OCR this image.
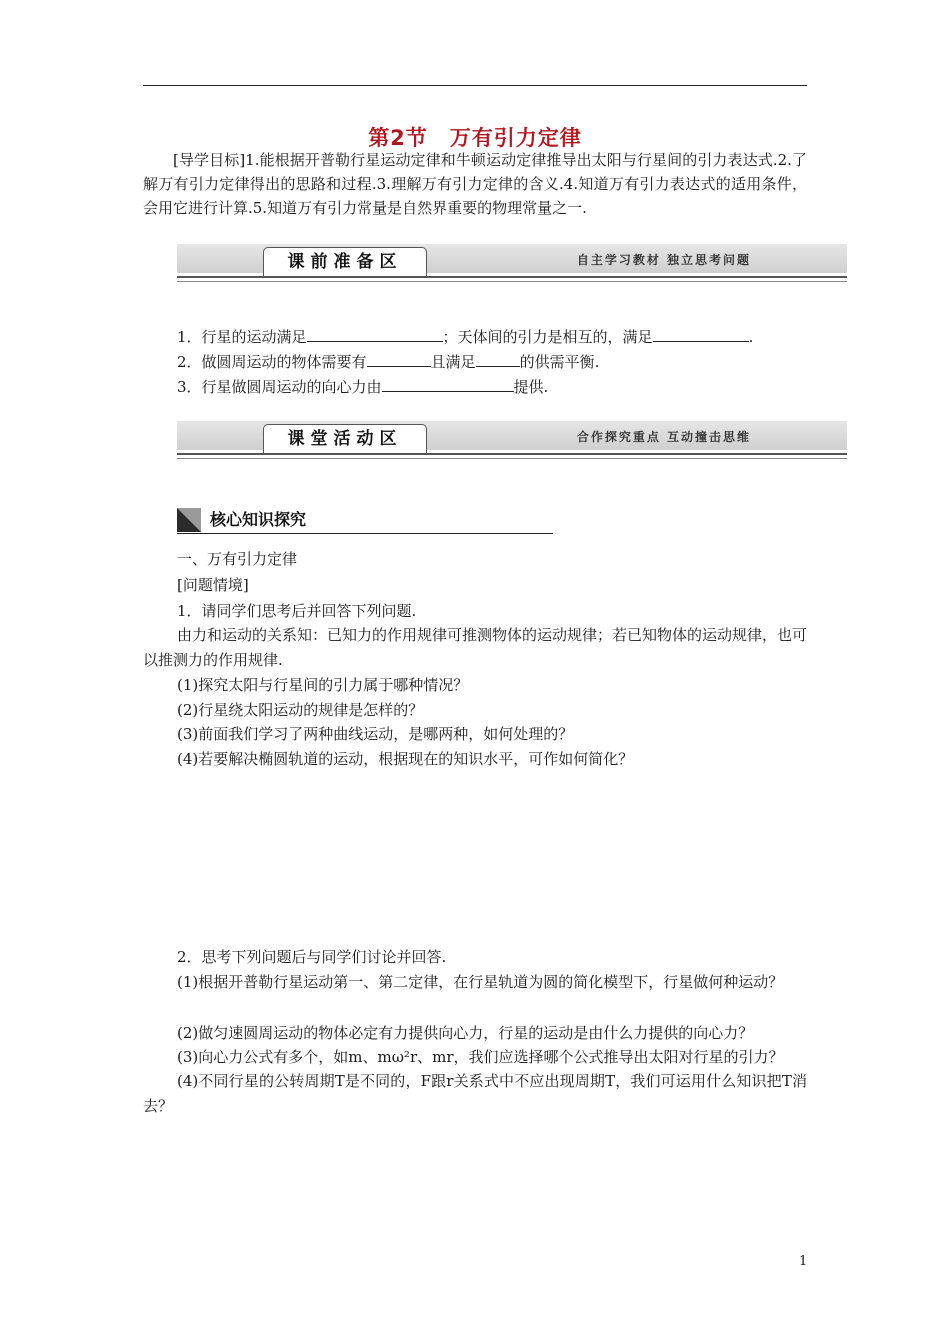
第2节　万有引力定律
[导学目标]1.能根据开普勒行星运动定律和牛顿运动定律推导出太阳与行星间的引力表达式.2.了解万有引力定律得出的思路和过程.3.理解万有引力定律的含义.4.知道万有引力表达式的适用条件，会用它进行计算.5.知道万有引力常量是自然界重要的物理常量之一.
课前准备区	自主学习教材 独立思考问题
1．行星的运动满足	；天体间的引力是相互的，满足	.
2．做圆周运动的物体需要有	且满足	的供需平衡.
3．行星做圆周运动的向心力由	提供.
课堂活动区	合作探究重点 互动撞击思维
核心知识探究
一、万有引力定律
[问题情境]
1．请同学们思考后并回答下列问题.
由力和运动的关系知：已知力的作用规律可推测物体的运动规律；若已知物体的运动规律，也可以推测力的作用规律.
(1)探究太阳与行星间的引力属于哪种情况？
(2)行星绕太阳运动的规律是怎样的？
(3)前面我们学习了两种曲线运动，是哪两种，如何处理的？
(4)若要解决椭圆轨道的运动，根据现在的知识水平，可作如何简化？
2．思考下列问题后与同学们讨论并回答.
(1)根据开普勒行星运动第一、第二定律，在行星轨道为圆的简化模型下，行星做何种运动？
(2)做匀速圆周运动的物体必定有力提供向心力，行星的运动是由什么力提供的向心力？
(3)向心力公式有多个，如m、mω²r、mr，我们应选择哪个公式推导出太阳对行星的引力？
(4)不同行星的公转周期T是不同的，F跟r关系式中不应出现周期T，我们可运用什么知识把T消去？
1
